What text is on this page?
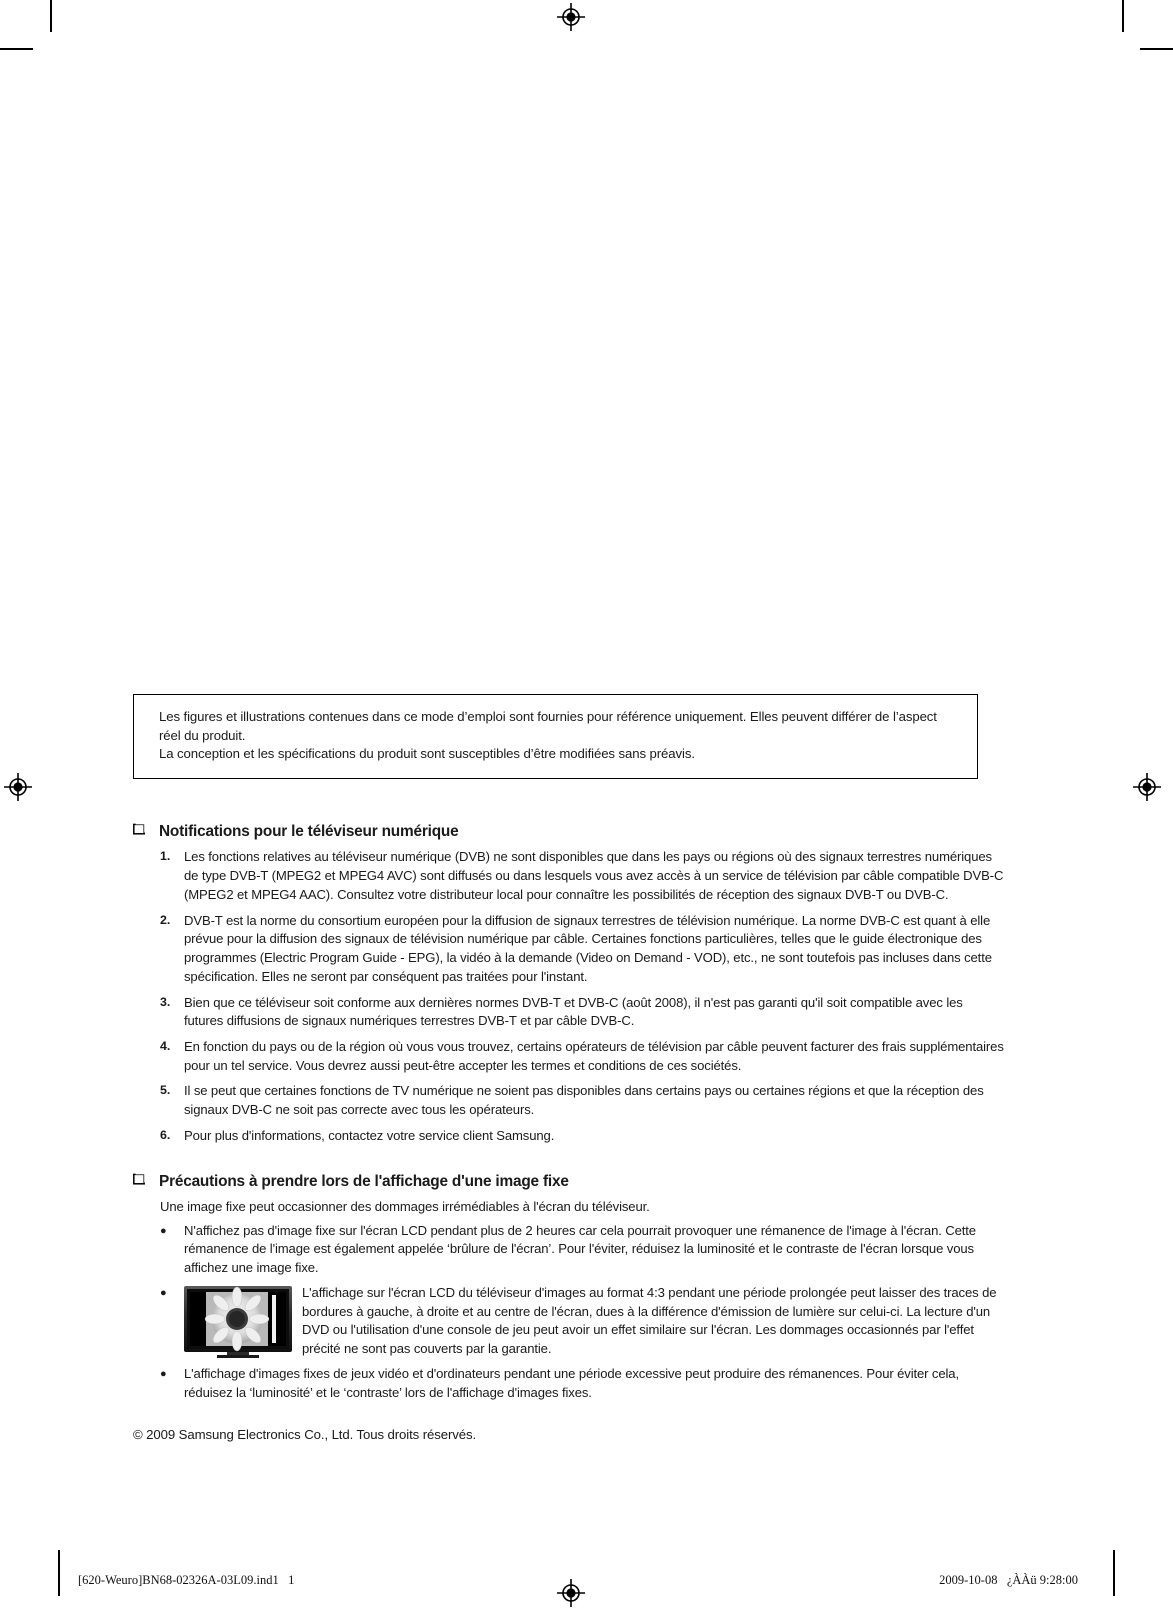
Les figures et illustrations contenues dans ce mode d’emploi sont fournies pour référence uniquement. Elles peuvent différer de l’aspect réel du produit.

La conception et les spécifications du produit sont susceptibles d’être modifiées sans préavis.

Notifications pour le téléviseur numérique
1.	Les fonctions relatives au téléviseur numérique (DVB) ne sont disponibles que dans les pays ou régions où des signaux terrestres numériques de type DVB-T (MPEG2 et MPEG4 AVC) sont diffusés ou dans lesquels vous avez accès à un service de télévision par câble compatible DVB-C (MPEG2 et MPEG4 AAC). Consultez votre distributeur local pour connaître les possibilités de réception des signaux DVB-T ou DVB-C.
2.	DVB-T est la norme du consortium européen pour la diffusion de signaux terrestres de télévision numérique. La norme DVB-C est quant à elle prévue pour la diffusion des signaux de télévision numérique par câble. Certaines fonctions particulières, telles que le guide électronique des programmes (Electric Program Guide - EPG), la vidéo à la demande (Video on Demand - VOD), etc., ne sont toutefois pas incluses dans cette spécification. Elles ne seront par conséquent pas traitées pour l'instant.
3.	Bien que ce téléviseur soit conforme aux dernières normes DVB-T et DVB-C (août 2008), il n'est pas garanti qu'il soit compatible avec les futures diffusions de signaux numériques terrestres DVB-T et par câble DVB-C.
4.	En fonction du pays ou de la région où vous vous trouvez, certains opérateurs de télévision par câble peuvent facturer des frais supplémentaires pour un tel service. Vous devrez aussi peut-être accepter les termes et conditions de ces sociétés.
5.	Il se peut que certaines fonctions de TV numérique ne soient pas disponibles dans certains pays ou certaines régions et que la réception des signaux DVB-C ne soit pas correcte avec tous les opérateurs.
6.	Pour plus d'informations, contactez votre service client Samsung.
Précautions à prendre lors de l'affichage d'une image fixe

Une image fixe peut occasionner des dommages irrémédiables à l'écran du téléviseur.

●	N'affichez pas d'image fixe sur l'écran LCD pendant plus de 2 heures car cela pourrait provoquer une rémanence de l'image à l'écran. Cette rémanence de l'image est également appelée ‘brûlure de l'écran’. Pour l'éviter, réduisez la luminosité et le contraste de l'écran lorsque vous affichez une image fixe.
●	L'affichage sur l'écran LCD du téléviseur d'images au format 4:3 pendant une période prolongée peut laisser des traces de bordures à gauche, à droite et au centre de l'écran, dues à la différence d'émission de lumière sur celui-ci. La lecture d'un DVD ou l'utilisation d'une console de jeu peut avoir un effet similaire sur l'écran. Les dommages occasionnés par l'effet précité ne sont pas couverts par la garantie.
●	L'affichage d'images fixes de jeux vidéo et d'ordinateurs pendant une période excessive peut produire des rémanences. Pour éviter cela, réduisez la ‘luminosité’ et le ‘contraste’ lors de l'affichage d'images fixes.
© 2009 Samsung Electronics Co., Ltd. Tous droits réservés.
[620-Weuro]BN68-02326A-03L09.ind1   1	2009-10-08   ¿ÀÀü 9:28:00
